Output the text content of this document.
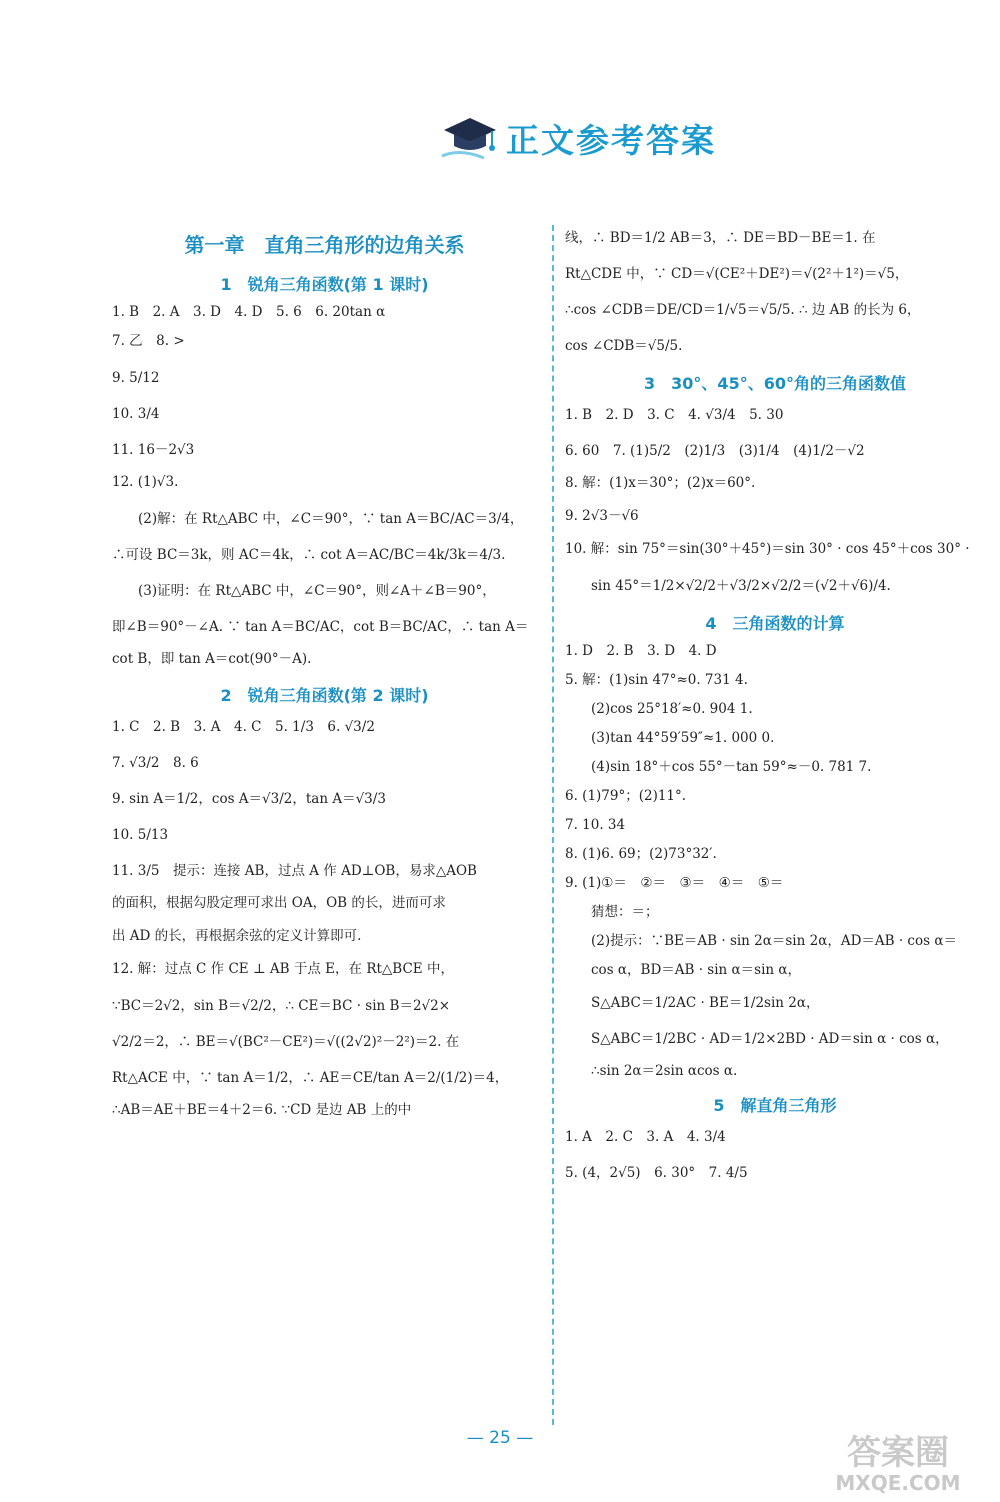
正文参考答案
第一章　直角三角形的边角关系
1　锐角三角函数(第 1 课时)
1. B　2. A　3. D　4. D　5. 6　6. 20tan α
7. 乙　8. >
9. 5/12
10. 3/4
11. 16－2√3
12. (1)√3.
(2)解：在 Rt△ABC 中，∠C＝90°，∵ tan A＝BC/AC＝3/4，
∴可设 BC＝3k，则 AC＝4k，∴ cot A＝AC/BC＝4k/3k＝4/3.
(3)证明：在 Rt△ABC 中，∠C＝90°，则∠A＋∠B＝90°，
即∠B＝90°－∠A. ∵ tan A＝BC/AC，cot B＝BC/AC，∴ tan A＝
cot B，即 tan A＝cot(90°－A).
2　锐角三角函数(第 2 课时)
1. C　2. B　3. A　4. C　5. 1/3　6. √3/2
7. √3/2　8. 6
9. sin A＝1/2，cos A＝√3/2，tan A＝√3/3
10. 5/13
11. 3/5　提示：连接 AB，过点 A 作 AD⊥OB，易求△AOB
的面积，根据勾股定理可求出 OA，OB 的长，进而可求
出 AD 的长，再根据余弦的定义计算即可.
12. 解：过点 C 作 CE ⊥ AB 于点 E，在 Rt△BCE 中，
∵BC＝2√2，sin B＝√2/2，∴ CE＝BC · sin B＝2√2×
√2/2＝2，∴ BE＝√(BC²－CE²)＝√((2√2)²－2²)＝2. 在
Rt△ACE 中，∵ tan A＝1/2，∴ AE＝CE/tan A＝2/(1/2)＝4，
∴AB＝AE＋BE＝4＋2＝6. ∵CD 是边 AB 上的中
线，∴ BD＝1/2 AB＝3，∴ DE＝BD－BE＝1. 在
Rt△CDE 中，∵ CD＝√(CE²＋DE²)＝√(2²＋1²)＝√5，
∴cos ∠CDB＝DE/CD＝1/√5＝√5/5. ∴ 边 AB 的长为 6，
cos ∠CDB＝√5/5.
3　30°、45°、60°角的三角函数值
1. B　2. D　3. C　4. √3/4　5. 30
6. 60　7. (1)5/2　(2)1/3　(3)1/4　(4)1/2－√2
8. 解：(1)x＝30°；(2)x＝60°.
9. 2√3－√6
10. 解：sin 75°＝sin(30°＋45°)＝sin 30° · cos 45°＋cos 30° ·
sin 45°＝1/2×√2/2＋√3/2×√2/2＝(√2＋√6)/4.
4　三角函数的计算
1. D　2. B　3. D　4. D
5. 解：(1)sin 47°≈0. 731 4.
(2)cos 25°18′≈0. 904 1.
(3)tan 44°59′59″≈1. 000 0.
(4)sin 18°＋cos 55°－tan 59°≈－0. 781 7.
6. (1)79°；(2)11°.
7. 10. 34
8. (1)6. 69；(2)73°32′.
9. (1)①＝　②＝　③＝　④＝　⑤＝
猜想：＝；
(2)提示：∵BE＝AB · sin 2α＝sin 2α，AD＝AB · cos α＝
cos α，BD＝AB · sin α＝sin α，
S△ABC＝1/2AC · BE＝1/2sin 2α，
S△ABC＝1/2BC · AD＝1/2×2BD · AD＝sin α · cos α，
∴sin 2α＝2sin αcos α.
5　解直角三角形
1. A　2. C　3. A　4. 3/4
5. (4，2√5)　6. 30°　7. 4/5
— 25 —	答案圈
MXQE.COM
